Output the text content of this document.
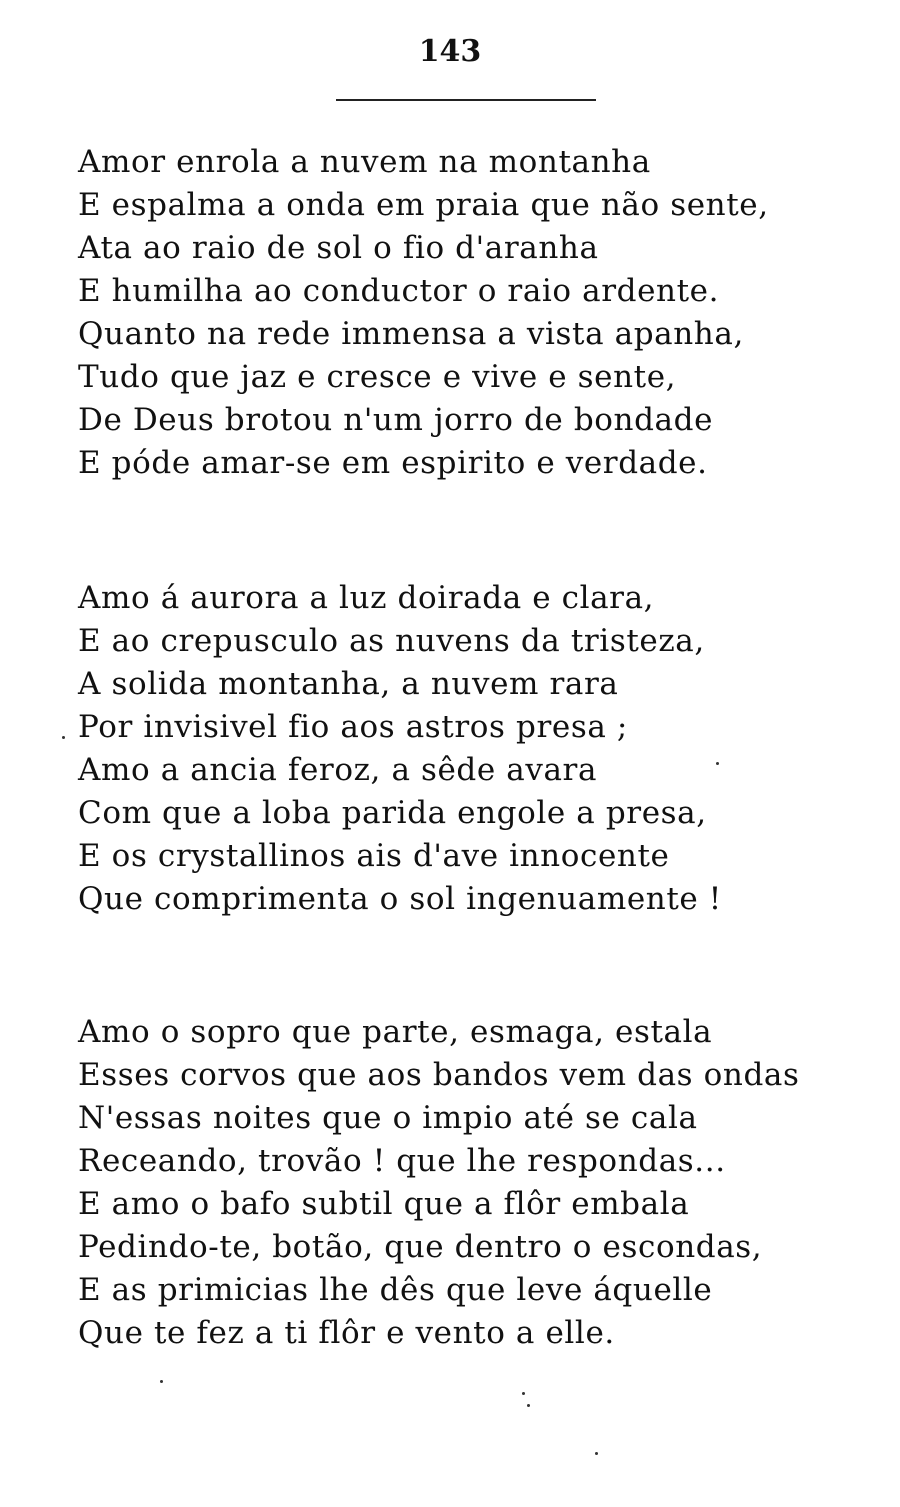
143
Amor enrola a nuvem na montanha
E espalma a onda em praia que não sente,
Ata ao raio de sol o fio d'aranha
E humilha ao conductor o raio ardente.
Quanto na rede immensa a vista apanha,
Tudo que jaz e cresce e vive e sente,
De Deus brotou n'um jorro de bondade
E póde amar-se em espirito e verdade.
Amo á aurora a luz doirada e clara,
E ao crepusculo as nuvens da tristeza,
A solida montanha, a nuvem rara
Por invisivel fio aos astros presa ;
Amo a ancia feroz, a sêde avara
Com que a loba parida engole a presa,
E os crystallinos ais d'ave innocente
Que comprimenta o sol ingenuamente !
Amo o sopro que parte, esmaga, estala
Esses corvos que aos bandos vem das ondas
N'essas noites que o impio até se cala
Receando, trovão ! que lhe respondas...
E amo o bafo subtil que a flôr embala
Pedindo-te, botão, que dentro o escondas,
E as primicias lhe dês que leve áquelle
Que te fez a ti flôr e vento a elle.
